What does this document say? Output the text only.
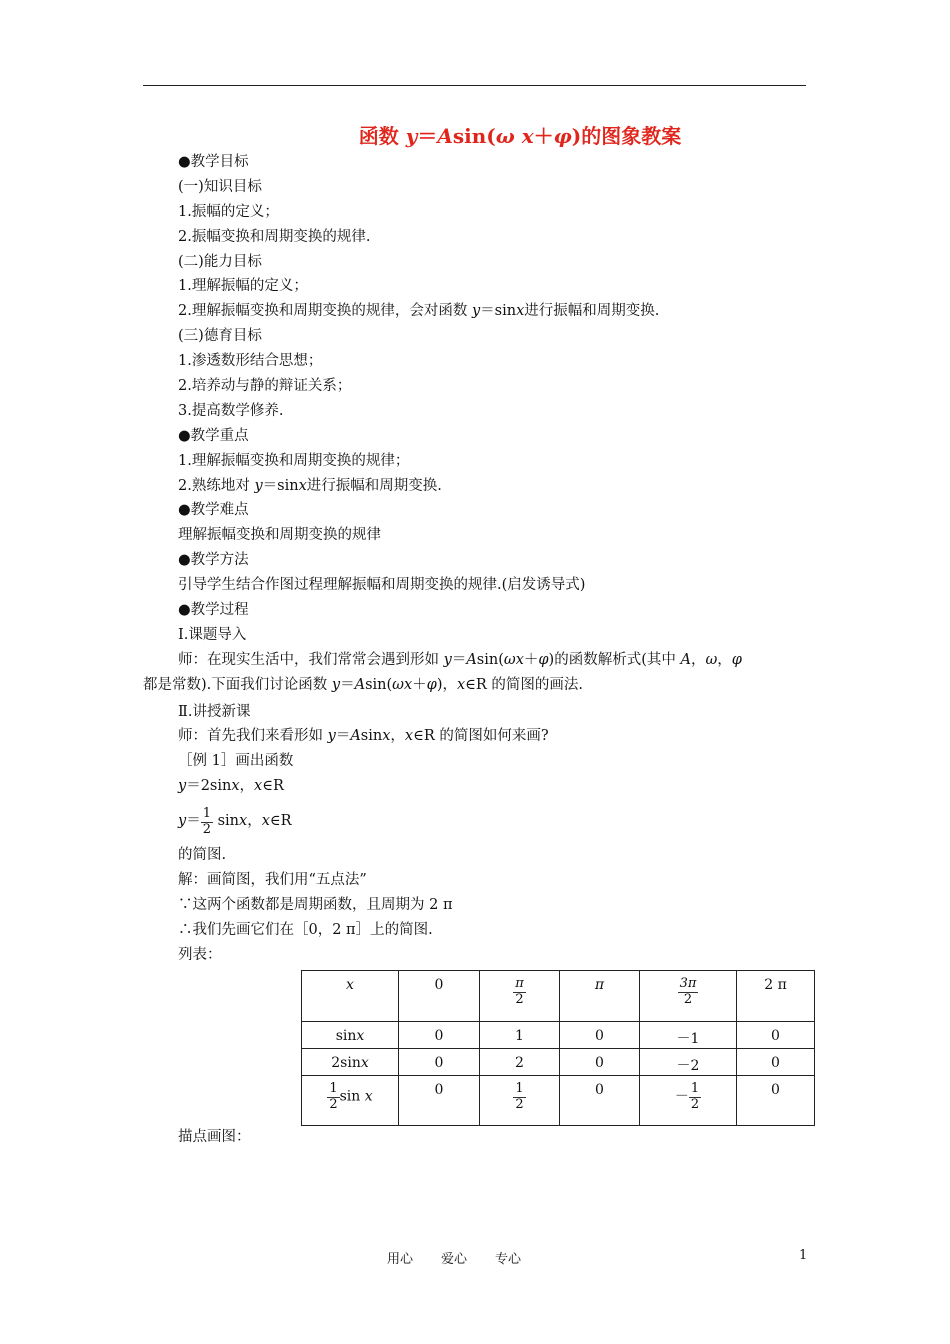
函数 y＝Asin(ω x＋φ)的图象教案
●教学目标
(一)知识目标
1.振幅的定义；
2.振幅变换和周期变换的规律.
(二)能力目标
1.理解振幅的定义；
2.理解振幅变换和周期变换的规律，会对函数 y＝sinx进行振幅和周期变换.
(三)德育目标
1.渗透数形结合思想；
2.培养动与静的辩证关系；
3.提高数学修养.
●教学重点
1.理解振幅变换和周期变换的规律；
2.熟练地对 y＝sinx进行振幅和周期变换.
●教学难点
理解振幅变换和周期变换的规律
●教学方法
引导学生结合作图过程理解振幅和周期变换的规律.(启发诱导式)
●教学过程
Ⅰ.课题导入
师：在现实生活中，我们常常会遇到形如 y＝Asin(ωx＋φ)的函数解析式(其中 A，ω，φ
都是常数).下面我们讨论函数 y＝Asin(ωx＋φ)，x∈R 的简图的画法.
Ⅱ.讲授新课
师：首先我们来看形如 y＝Asinx，x∈R 的简图如何来画?
［例 1］画出函数
y＝2sinx，x∈R
$y= \frac{1}{2}$ sinx，x∈R
的简图.
解：画简图，我们用“五点法”
∵这两个函数都是周期函数，且周期为 2 π
∴我们先画它们在［0，2 π］上的简图.
列表：
x	0	$\frac{\pi}{2}$	π	$\frac{3\pi}{2}$	2 π
sinx	0	1	0	－1	0
2sinx	0	2	0	－2	0

$\frac{1}{2}$ sin x	0	$\frac{1}{2}$	0	－ $\frac{1}{2}$	0
描点画图：
用心 爱心 专心	1
